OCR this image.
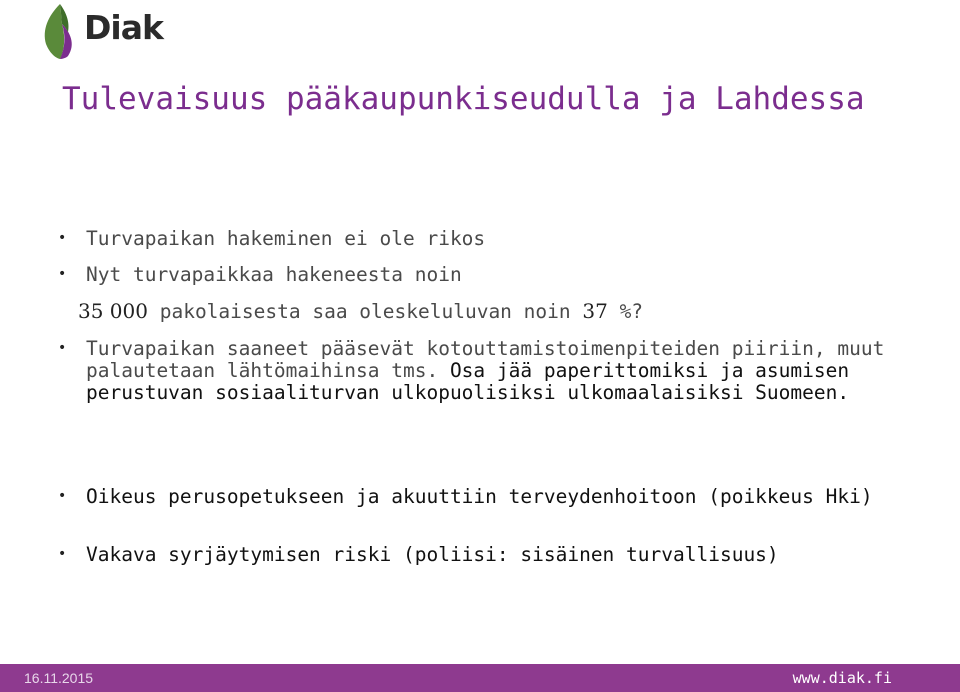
Diak
Tulevaisuus pääkaupunkiseudulla ja Lahdessa
• Turvapaikan hakeminen ei ole rikos
• Nyt turvapaikkaa hakeneesta noin
35 000 pakolaisesta saa oleskeluluvan noin 37 %?
• Turvapaikan saaneet pääsevät kotouttamistoimenpiteiden piiriin, muut palautetaan lähtömaihinsa tms. Osa jää paperittomiksi ja asumisen perustuvan sosiaaliturvan ulkopuolisiksi ulkomaalaisiksi Suomeen.
• Oikeus perusopetukseen ja akuuttiin terveydenhoitoon (poikkeus Hki)
• Vakava syrjäytymisen riski (poliisi: sisäinen turvallisuus)
16.11.2015	www.diak.fi
